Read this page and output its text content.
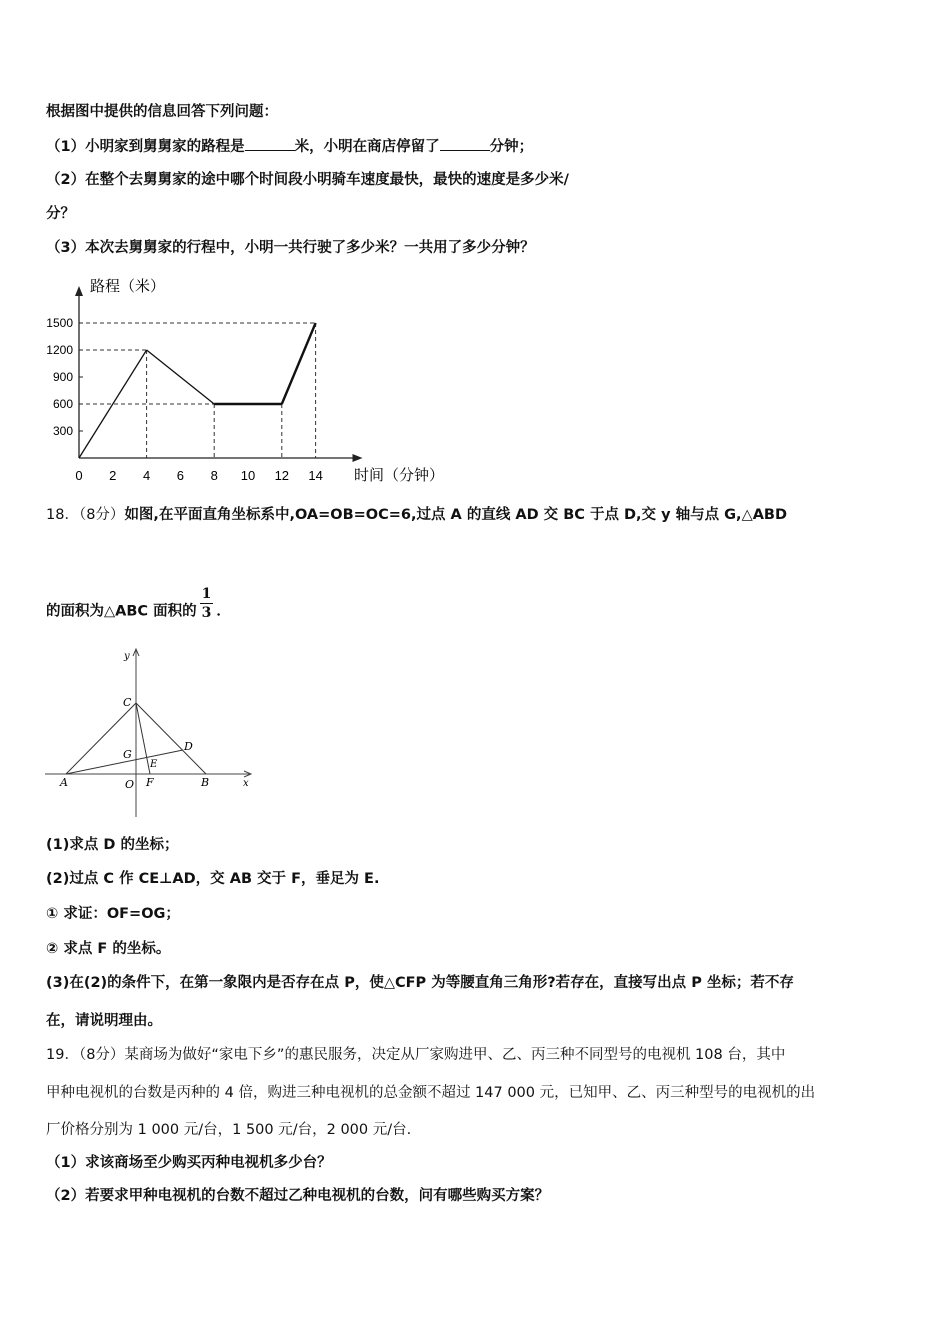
根据图中提供的信息回答下列问题：
（1）小明家到舅舅家的路程是	米，小明在商店停留了	分钟；
（2）在整个去舅舅家的途中哪个时间段小明骑车速度最快，最快的速度是多少米/
分？
（3）本次去舅舅家的行程中，小明一共行驶了多少米？一共用了多少分钟？
路程（米）
时间（分钟）
0 2 4 6 8 10 12 14
300
600
900
1200
1500
18．（8分）如图,在平面直角坐标系中,OA=OB=OC=6,过点 A 的直线 AD 交 BC 于点 D,交 y 轴与点 G,△ABD
的面积为△ABC 面积的 $\frac{1}{3}$ ．
y
x
C
D
G
E
A	O F	B
(1)求点 D 的坐标；
(2)过点 C 作 CE⊥AD，交 AB 交于 F，垂足为 E.
① 求证：OF=OG；
② 求点 F 的坐标。
(3)在(2)的条件下，在第一象限内是否存在点 P，使△CFP 为等腰直角三角形?若存在，直接写出点 P 坐标；若不存
在，请说明理由。
19．（8分）某商场为做好“家电下乡”的惠民服务，决定从厂家购进甲、乙、丙三种不同型号的电视机 108 台，其中
甲种电视机的台数是丙种的 4 倍，购进三种电视机的总金额不超过 147 000 元，已知甲、乙、丙三种型号的电视机的出
厂价格分别为 1 000 元/台，1 500 元/台，2 000 元/台.
（1）求该商场至少购买丙种电视机多少台？
（2）若要求甲种电视机的台数不超过乙种电视机的台数，问有哪些购买方案？
